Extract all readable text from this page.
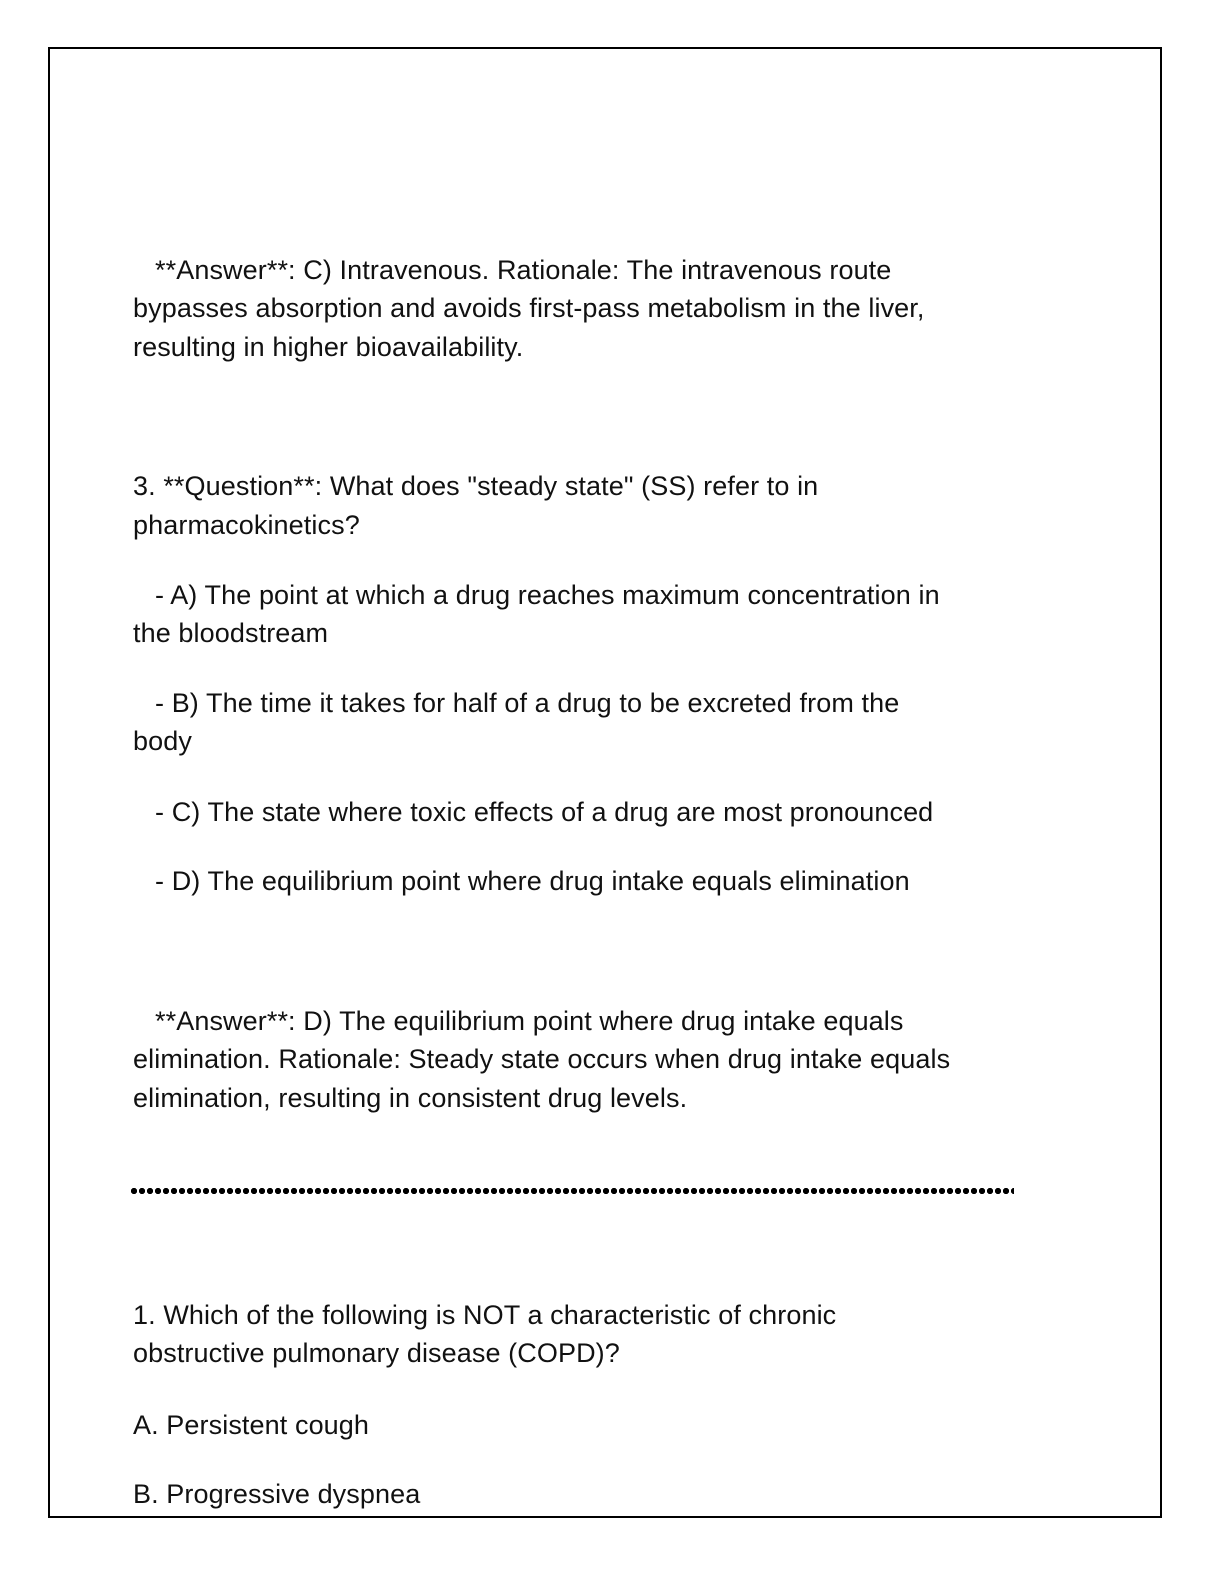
**Answer**: C) Intravenous. Rationale: The intravenous route
bypasses absorption and avoids first-pass metabolism in the liver,
resulting in higher bioavailability.
3. **Question**: What does "steady state" (SS) refer to in
pharmacokinetics?
- A) The point at which a drug reaches maximum concentration in
the bloodstream
- B) The time it takes for half of a drug to be excreted from the
body
- C) The state where toxic effects of a drug are most pronounced
- D) The equilibrium point where drug intake equals elimination
**Answer**: D) The equilibrium point where drug intake equals
elimination. Rationale: Steady state occurs when drug intake equals
elimination, resulting in consistent drug levels.
1. Which of the following is NOT a characteristic of chronic
obstructive pulmonary disease (COPD)?
A. Persistent cough
B. Progressive dyspnea
